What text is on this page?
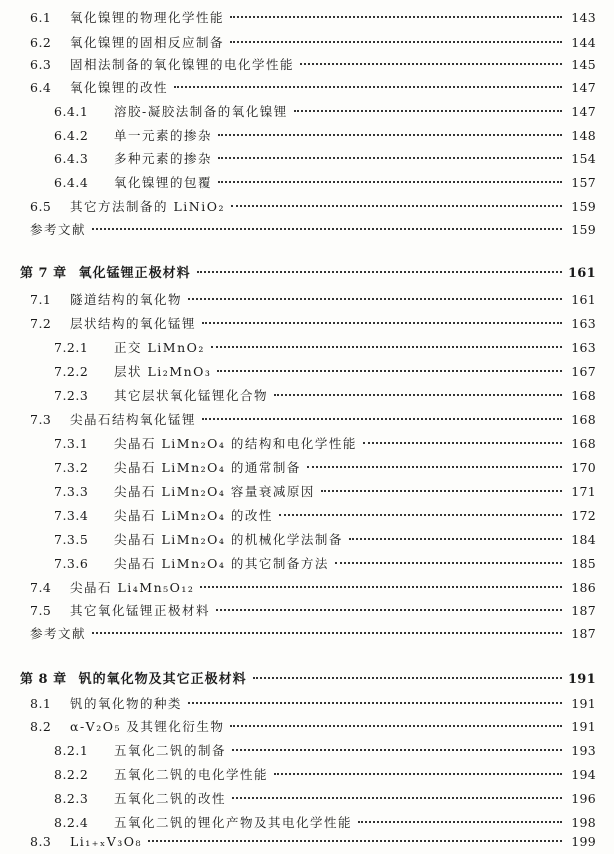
6.1	氧化镍锂的物理化学性能	143
6.2	氧化镍锂的固相反应制备	144
6.3	固相法制备的氧化镍锂的电化学性能	145
6.4	氧化镍锂的改性	147
6.4.1	溶胶-凝胶法制备的氧化镍锂	147
6.4.2	单一元素的掺杂	148
6.4.3	多种元素的掺杂	154
6.4.4	氧化镍锂的包覆	157
6.5	其它方法制备的 LiNiO₂	159
参考文献	159
第 7 章 氧化锰锂正极材料	161
7.1	隧道结构的氧化物	161
7.2	层状结构的氧化锰锂	163
7.2.1	正交 LiMnO₂	163
7.2.2	层状 Li₂MnO₃	167
7.2.3	其它层状氧化锰锂化合物	168
7.3	尖晶石结构氧化锰锂	168
7.3.1	尖晶石 LiMn₂O₄ 的结构和电化学性能	168
7.3.2	尖晶石 LiMn₂O₄ 的通常制备	170
7.3.3	尖晶石 LiMn₂O₄ 容量衰减原因	171
7.3.4	尖晶石 LiMn₂O₄ 的改性	172
7.3.5	尖晶石 LiMn₂O₄ 的机械化学法制备	184
7.3.6	尖晶石 LiMn₂O₄ 的其它制备方法	185
7.4	尖晶石 Li₄Mn₅O₁₂	186
7.5	其它氧化锰锂正极材料	187
参考文献	187
第 8 章 钒的氧化物及其它正极材料	191
8.1	钒的氧化物的种类	191
8.2	α-V₂O₅ 及其锂化衍生物	191
8.2.1	五氧化二钒的制备	193
8.2.2	五氧化二钒的电化学性能	194
8.2.3	五氧化二钒的改性	196
8.2.4	五氧化二钒的锂化产物及其电化学性能	198
8.3	Li₁₊ₓV₃O₈	199
